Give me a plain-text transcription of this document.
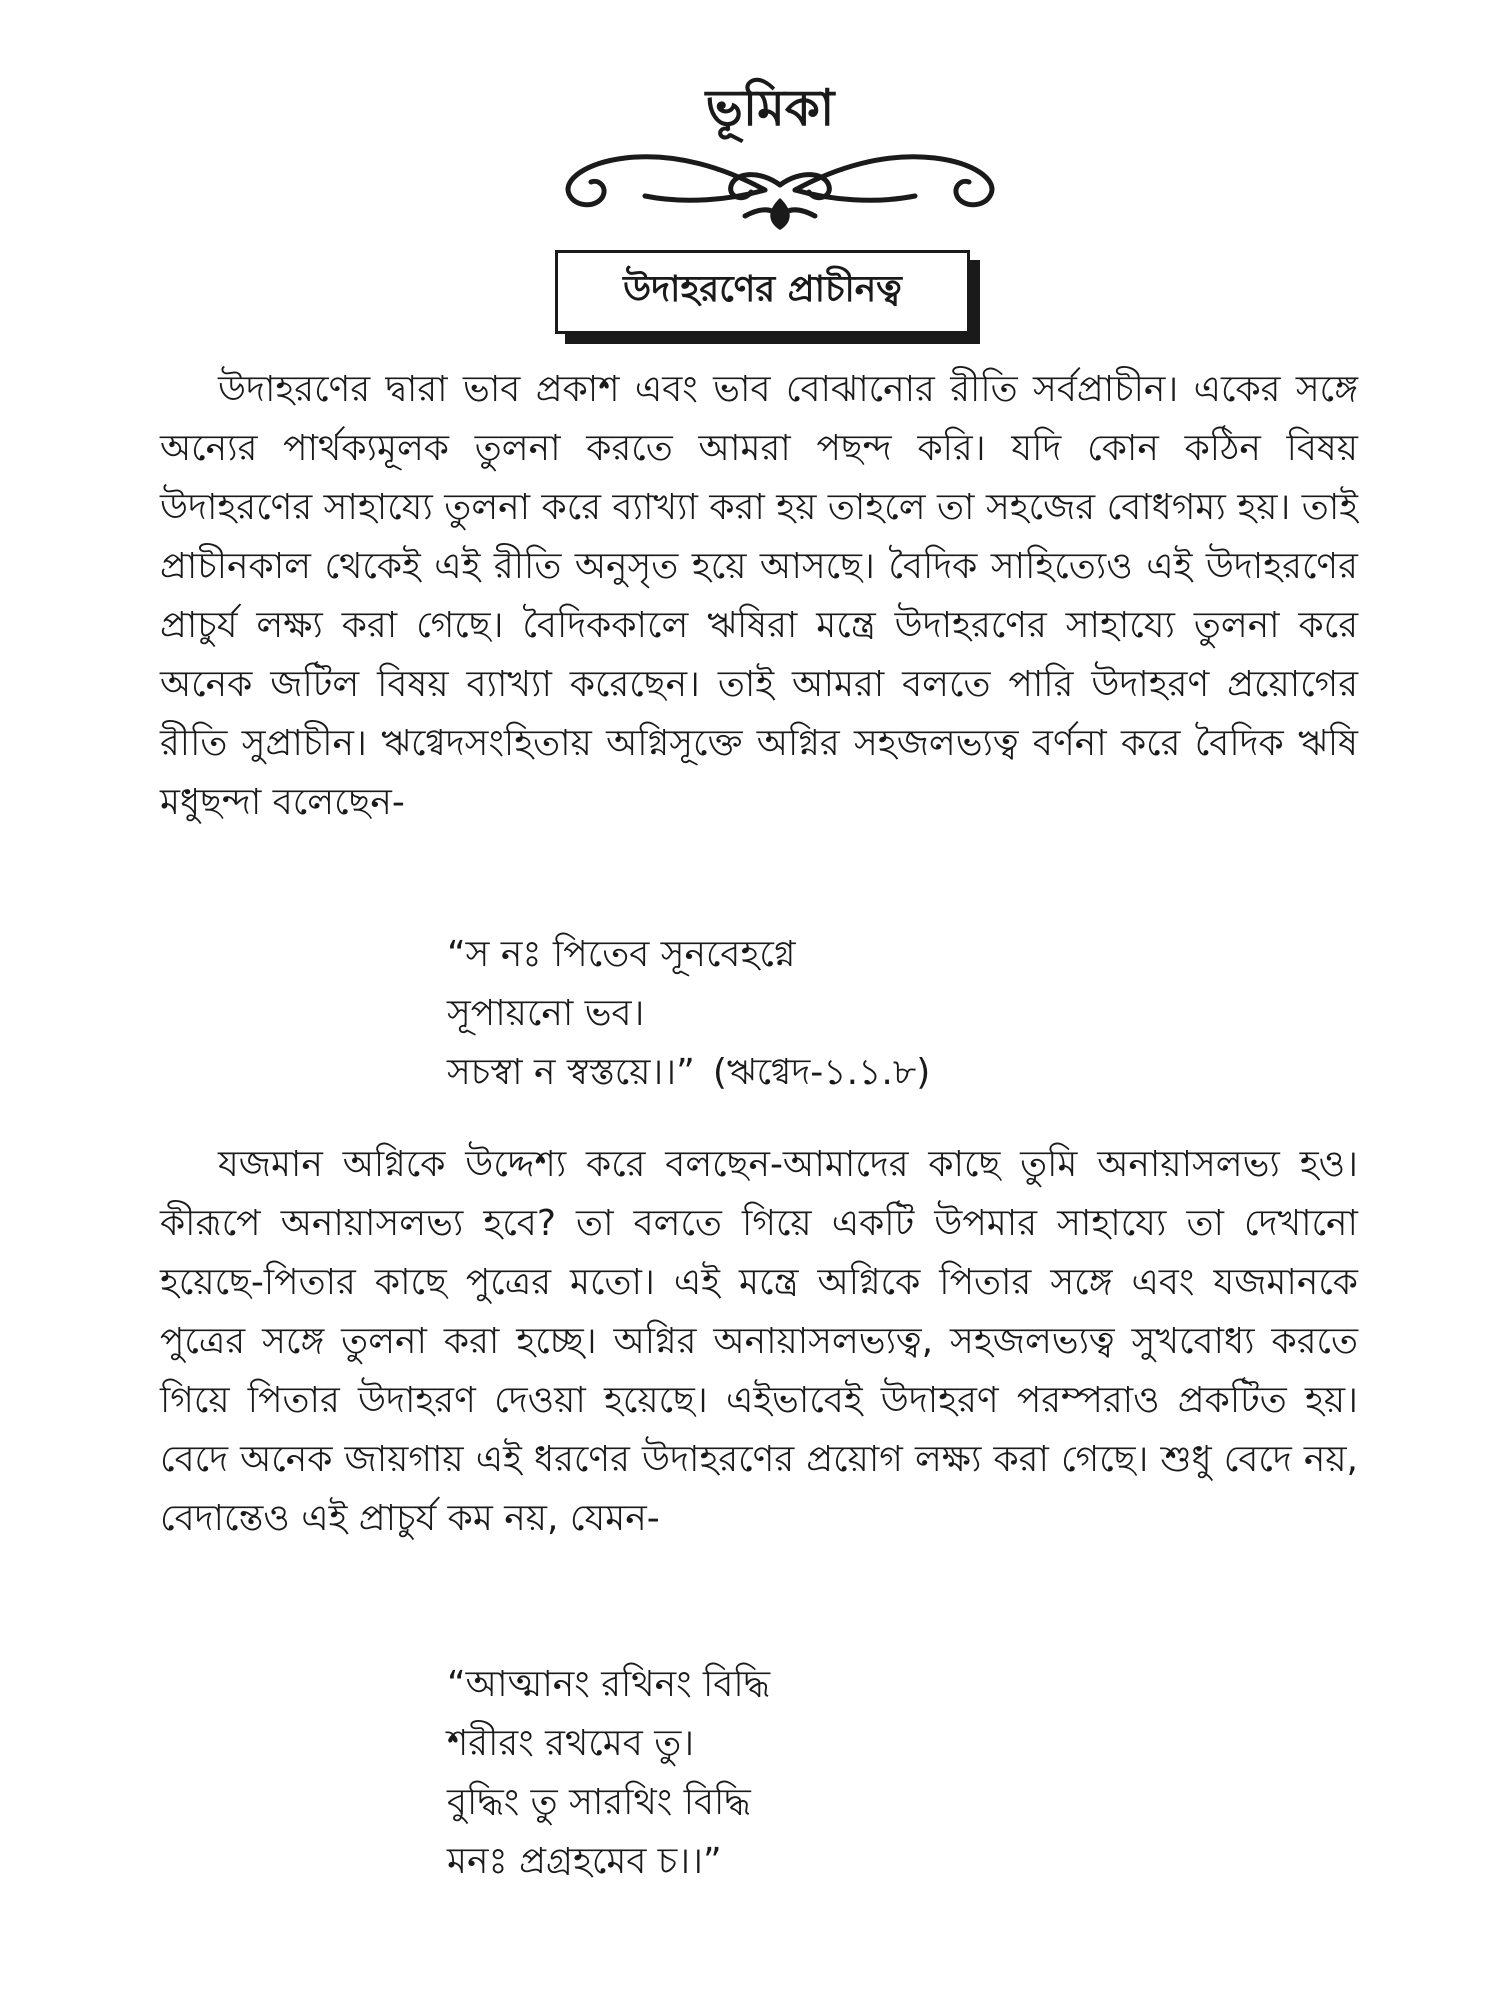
ভূমিকা
উদাহরণের প্রাচীনত্ব

উদাহরণের দ্বারা ভাব প্রকাশ এবং ভাব বোঝানোর রীতি সর্বপ্রাচীন। একের সঙ্গে অন্যের পার্থক্যমূলক তুলনা করতে আমরা পছন্দ করি। যদি কোন কঠিন বিষয় উদাহরণের সাহায্যে তুলনা করে ব্যাখ্যা করা হয় তাহলে তা সহজের বোধগম্য হয়। তাই প্রাচীনকাল থেকেই এই রীতি অনুসৃত হয়ে আসছে। বৈদিক সাহিত্যেও এই উদাহরণের প্রাচুর্য লক্ষ্য করা গেছে। বৈদিককালে ঋষিরা মন্ত্রে উদাহরণের সাহায্যে তুলনা করে অনেক জটিল বিষয় ব্যাখ্যা করেছেন। তাই আমরা বলতে পারি উদাহরণ প্রয়োগের রীতি সুপ্রাচীন। ঋগ্বেদসংহিতায় অগ্নিসূক্তে অগ্নির সহজলভ্যত্ব বর্ণনা করে বৈদিক ঋষি মধুছন্দা বলেছেন-

“স নঃ পিতেব সূনবেহগ্নে
সূপায়নো ভব।
সচস্বা ন স্বস্তয়ে।।” (ঋগ্বেদ-১.১.৮)

যজমান অগ্নিকে উদ্দেশ্য করে বলছেন-আমাদের কাছে তুমি অনায়াসলভ্য হও। কীরূপে অনায়াসলভ্য হবে? তা বলতে গিয়ে একটি উপমার সাহায্যে তা দেখানো হয়েছে-পিতার কাছে পুত্রের মতো। এই মন্ত্রে অগ্নিকে পিতার সঙ্গে এবং যজমানকে পুত্রের সঙ্গে তুলনা করা হচ্ছে। অগ্নির অনায়াসলভ্যত্ব, সহজলভ্যত্ব সুখবোধ্য করতে গিয়ে পিতার উদাহরণ দেওয়া হয়েছে। এইভাবেই উদাহরণ পরম্পরাও প্রকটিত হয়। বেদে অনেক জায়গায় এই ধরণের উদাহরণের প্রয়োগ লক্ষ্য করা গেছে। শুধু বেদে নয়, বেদান্তেও এই প্রাচুর্য কম নয়, যেমন-

“আত্মানং রথিনং বিদ্ধি
শরীরং রথমেব তু।
বুদ্ধিং তু সারথিং বিদ্ধি
মনঃ প্রগ্রহমেব চ।।”
